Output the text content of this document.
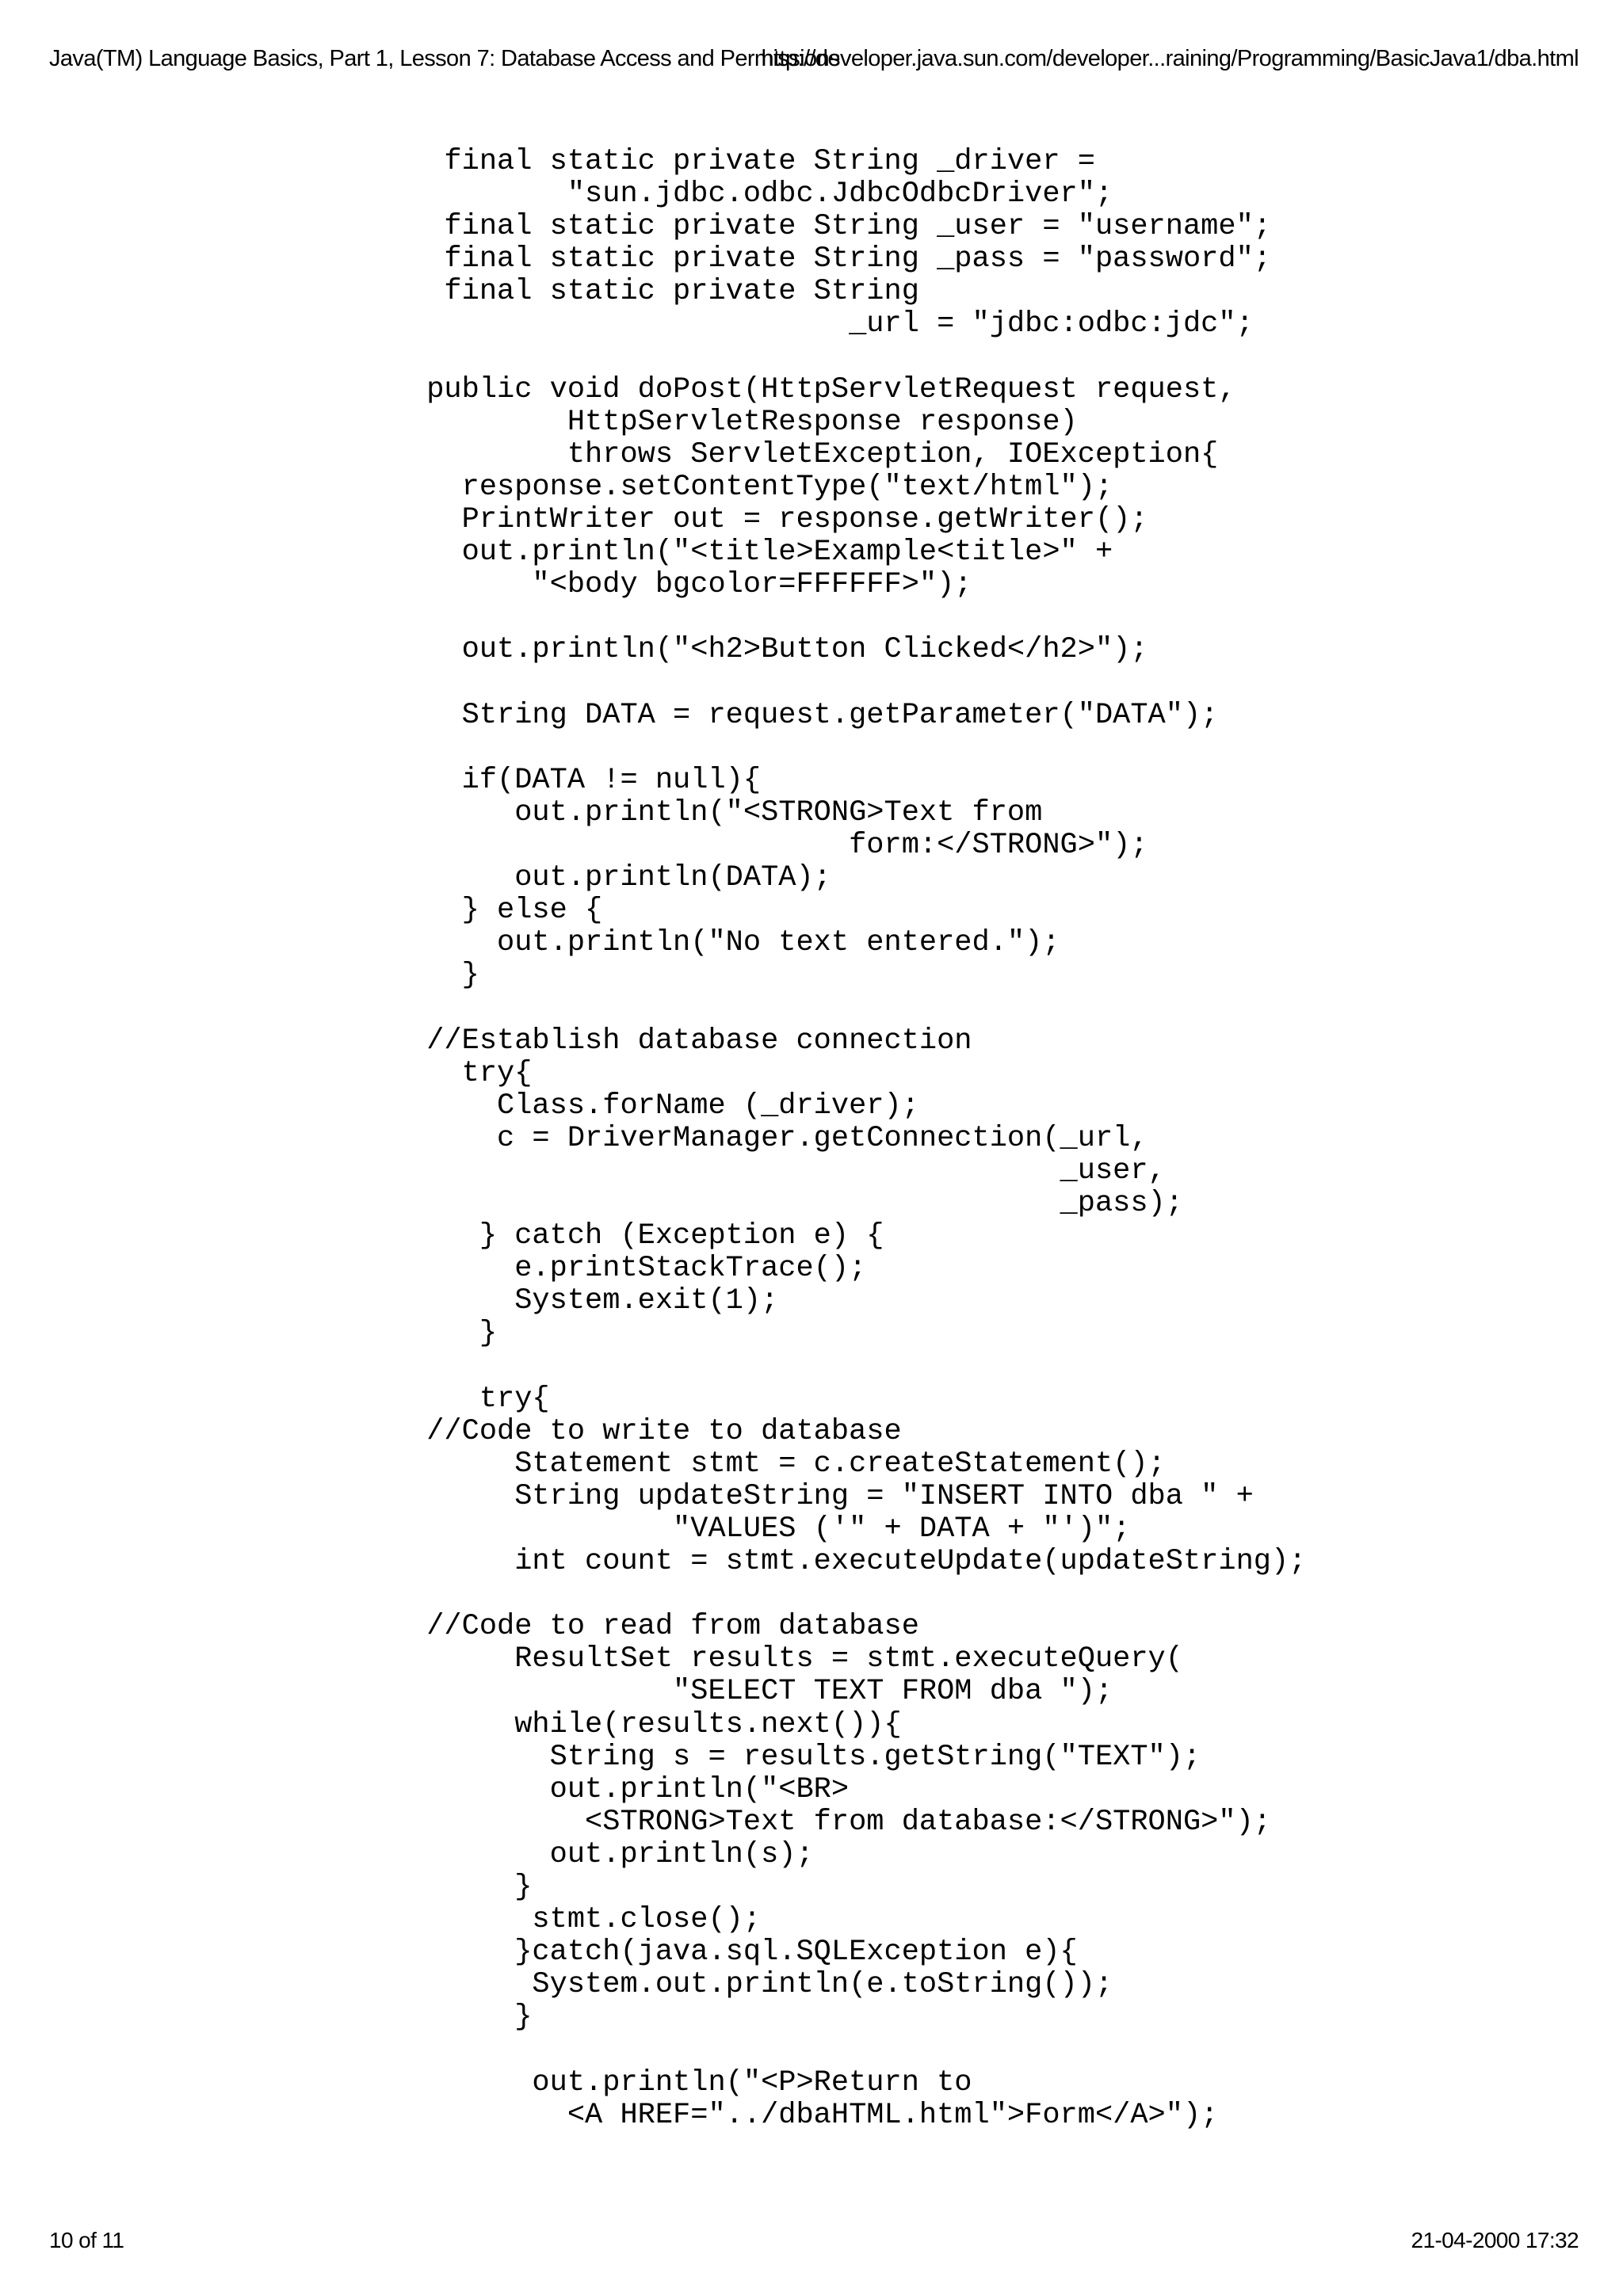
Java(TM) Language Basics, Part 1, Lesson 7: Database Access and Permissions
http://developer.java.sun.com/developer...raining/Programming/BasicJava1/dba.html
final static private String _driver =
"sun.jdbc.odbc.JdbcOdbcDriver";
final static private String _user = "username";
final static private String _pass = "password";
final static private String
_url = "jdbc:odbc:jdc";
public void doPost(HttpServletRequest request,
HttpServletResponse response)
throws ServletException, IOException{
response.setContentType("text/html");
PrintWriter out = response.getWriter();
out.println("<title>Example<title>" +
"<body bgcolor=FFFFFF>");
out.println("<h2>Button Clicked</h2>");
String DATA = request.getParameter("DATA");
if(DATA != null){
out.println("<STRONG>Text from
form:</STRONG>");
out.println(DATA);
} else {
out.println("No text entered.");
}
//Establish database connection
try{
Class.forName (_driver);
c = DriverManager.getConnection(_url,
_user,
_pass);
} catch (Exception e) {
e.printStackTrace();
System.exit(1);
}
try{
//Code to write to database
Statement stmt = c.createStatement();
String updateString = "INSERT INTO dba " +
"VALUES ('" + DATA + "')";
int count = stmt.executeUpdate(updateString);
//Code to read from database
ResultSet results = stmt.executeQuery(
"SELECT TEXT FROM dba ");
while(results.next()){
String s = results.getString("TEXT");
out.println("<BR>
<STRONG>Text from database:</STRONG>");
out.println(s);
}
stmt.close();
}catch(java.sql.SQLException e){
System.out.println(e.toString());
}
out.println("<P>Return to
<A HREF="../dbaHTML.html">Form</A>");
10 of 11	21-04-2000 17:32
